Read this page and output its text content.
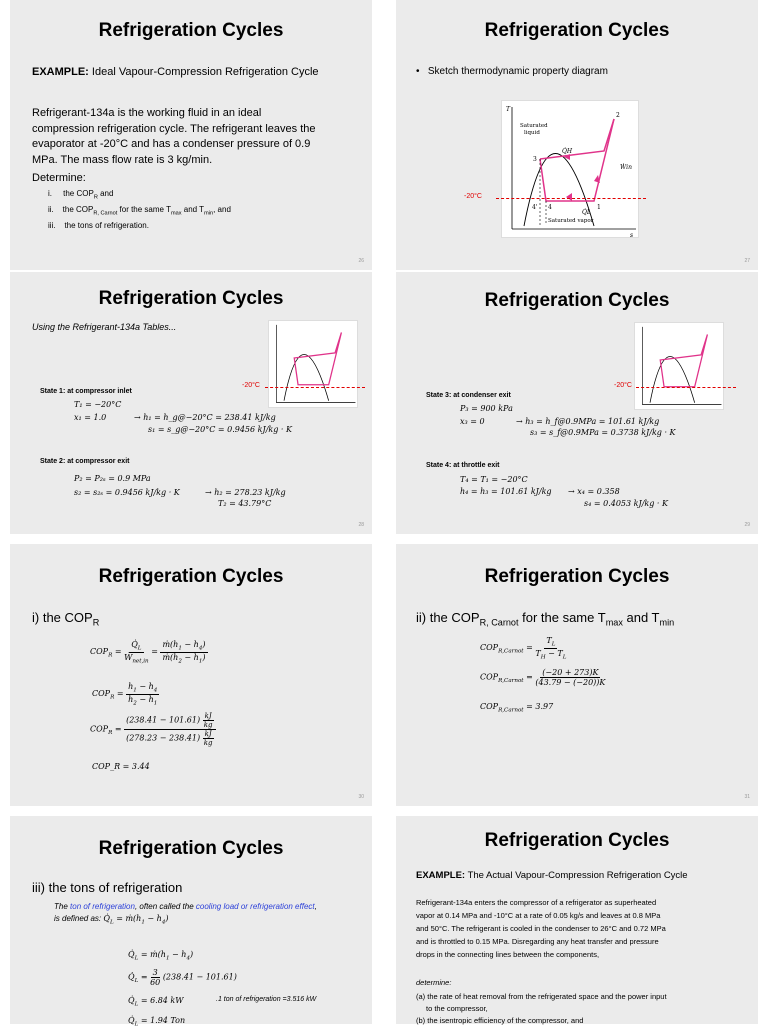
Refrigeration Cycles
EXAMPLE: Ideal Vapour-Compression Refrigeration Cycle
Refrigerant-134a is the working fluid in an ideal
compression refrigeration cycle. The refrigerant leaves the
evaporator at -20°C and has a condenser pressure of 0.9
MPa. The mass flow rate is 3 kg/min.
Determine:
i. the $COP_R$ and
ii. the $COP_{R, Carnot}$ for the same $T_{max}$ and $T_{min}$, and
iii. the tons of refrigeration.
26
Refrigeration Cycles
•   Sketch thermodynamic property diagram
T
s
Saturated
liquid
Saturated vapor
Q̇H
Q̇L
Ẇin
2
3
1
4
4'
-20°C
27
Refrigeration Cycles
Using the Refrigerant-134a Tables...
-20°C
State 1: at compressor inlet
T₁ = −20°C
x₁ = 1.0	→ h₁ = h_g@−20°C = 238.41 kJ/kg
s₁ = s_g@−20°C = 0.9456 kJ/kg · K
State 2: at compressor exit
P₂ = P₂ₛ = 0.9 MPa
s₂ = s₂ₛ = 0.9456 kJ/kg · K	→ h₂ = 278.23 kJ/kg
T₂ = 43.79°C
28
Refrigeration Cycles
-20°C
State 3: at condenser exit
P₃ = 900 kPa
x₃ = 0	→ h₃ = h_f@0.9MPa = 101.61 kJ/kg
s₃ = s_f@0.9MPa = 0.3738 kJ/kg · K
State 4: at throttle exit
T₄ = T₁ = −20°C
h₄ = h₃ = 101.61 kJ/kg → x₄ = 0.358
s₄ = 0.4053 kJ/kg · K
29
Refrigeration Cycles
i) the $COP_R$
$COP_R = \frac{Q̇_L}{Ẇ_{net,in}} = \frac{ṁ(h_1 - h_4)}{ṁ(h_2 - h_1)}$
$COP_R = \frac{h_1 - h_4}{h_2 - h_1}$
$COP_R = \frac{(238.41 - 101.61) \frac{kJ}{kg}}{(278.23 - 238.41) \frac{kJ}{kg}}$
COP_R = 3.44
30
Refrigeration Cycles
ii) the $COP_{R, Carnot}$ for the same $T_{max}$ and $T_{min}$
$COP_{R,Carnot} = \frac{T_L}{T_H - T_L}$
$COP_{R,Carnot} = \frac{(-20 + 273)K}{(43.79 - (-20))K}$
$COP_{R,Carnot} = 3.97$
31
Refrigeration Cycles
iii) the tons of refrigeration
The ton of refrigeration, often called the cooling load or refrigeration effect,
is defined as: $Q̇_L$ = $ṁ(h_1 - h_4)$
$Q̇_L$ = $ṁ(h_1 - h_4)$
$Q̇_L = \frac{3}{60} (238.41 - 101.61)$
$Q̇_L = 6.84$ kW	.1 ton of refrigeration =3.516 kW
$Q̇_L = 1.94$ Ton
Refrigeration Cycles
EXAMPLE: The Actual Vapour-Compression Refrigeration Cycle
Refrigerant-134a enters the compressor of a refrigerator as superheated
vapor at 0.14 MPa and -10°C at a rate of 0.05 kg/s and leaves at 0.8 MPa
and 50°C. The refrigerant is cooled in the condenser to 26°C and 0.72 MPa
and is throttled to 0.15 MPa. Disregarding any heat transfer and pressure
drops in the connecting lines between the components,
determine:
(a) the rate of heat removal from the refrigerated space and the power input
to the compressor,
(b) the isentropic efficiency of the compressor, and
